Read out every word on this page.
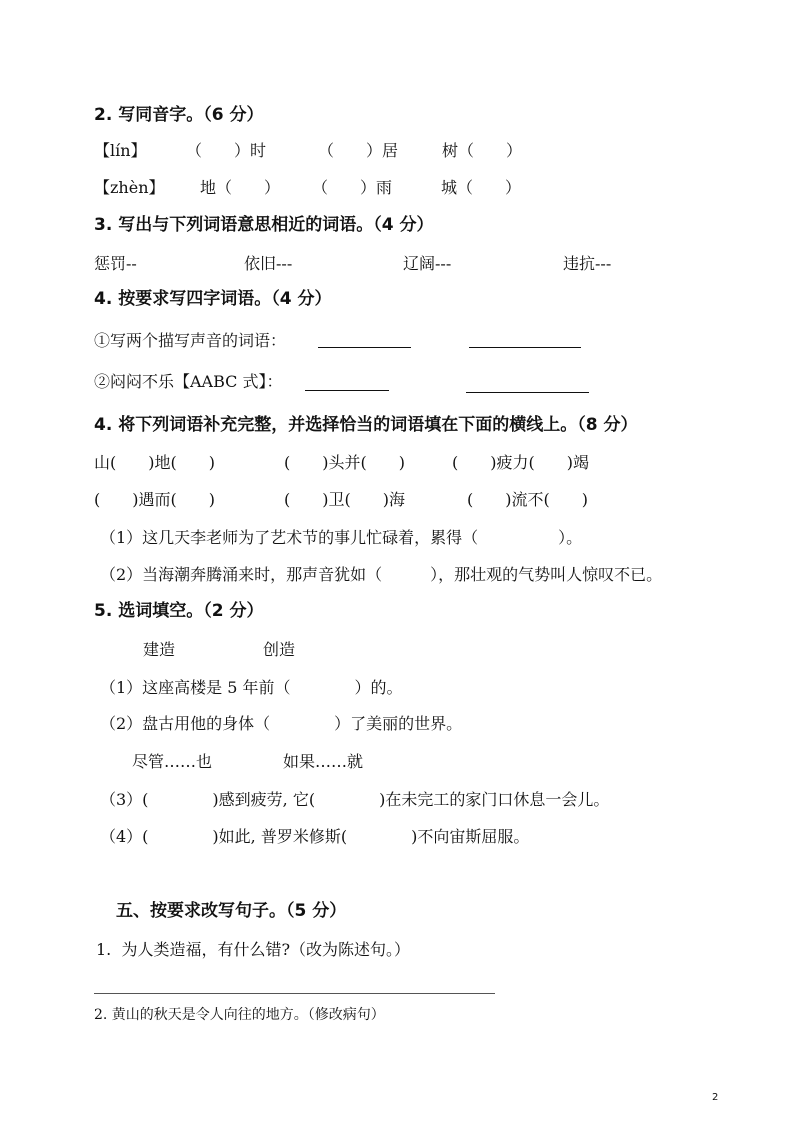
2. 写同音字。（6 分）
【lín】 （　　）时	（　　）居	树（　　）
【zhèn】 地（　　） （　　）雨	城（　　）
3. 写出与下列词语意思相近的词语。（4 分）
惩罚--	依旧---	辽阔---	违抗---
4. 按要求写四字词语。（4 分）
①写两个描写声音的词语：
②闷闷不乐【AABC 式】：
4. 将下列词语补充完整，并选择恰当的词语填在下面的横线上。（8 分）
山(　　)地(　　)	(　　)头并(　　)	(　　)疲力(　　)竭
(　　)遇而(　　)	(　　)卫(　　)海	(　　)流不(　　)
（1）这几天李老师为了艺术节的事儿忙碌着，累得（　　　　　）。
（2）当海潮奔腾涌来时，那声音犹如（　　　），那壮观的气势叫人惊叹不已。
5. 选词填空。（2 分）
建造	创造
（1）这座高楼是 5 年前（　　　　）的。
（2）盘古用他的身体（　　　　）了美丽的世界。
尽管……也	如果……就
（3）(　　　　)感到疲劳, 它(　　　　)在未完工的家门口休息一会儿。
（4）(　　　　)如此, 普罗米修斯(　　　　)不向宙斯屈服。
五、按要求改写句子。（5 分）
1.  为人类造福，有什么错?（改为陈述句。）
2. 黄山的秋天是令人向往的地方。（修改病句）
2
